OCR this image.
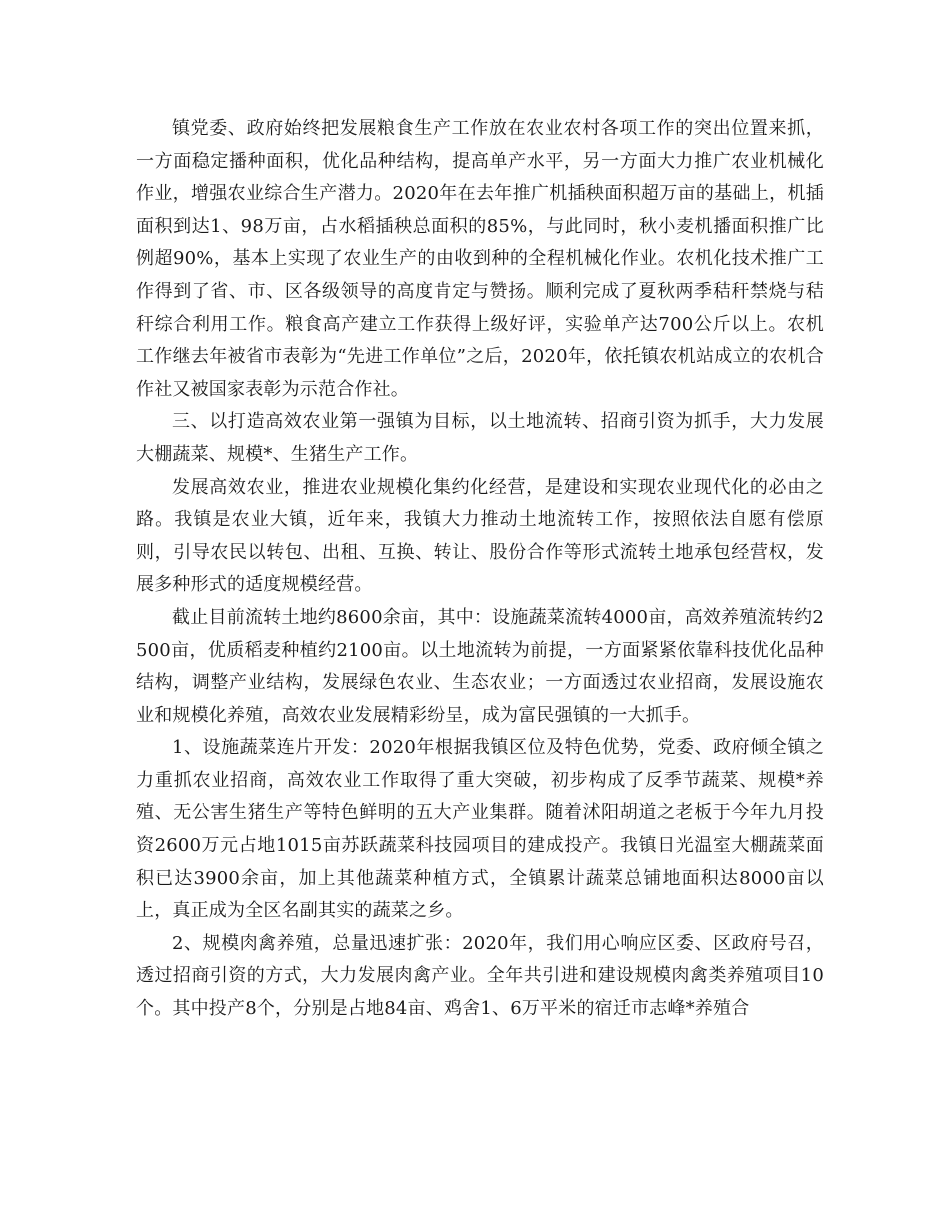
镇党委、政府始终把发展粮食生产工作放在农业农村各项工作的突出位置来抓，一方面稳定播种面积，优化品种结构，提高单产水平，另一方面大力推广农业机械化作业，增强农业综合生产潜力。2020年在去年推广机插秧面积超万亩的基础上，机插面积到达1、98万亩，占水稻插秧总面积的85%，与此同时，秋小麦机播面积推广比例超90%，基本上实现了农业生产的由收到种的全程机械化作业。农机化技术推广工作得到了省、市、区各级领导的高度肯定与赞扬。顺利完成了夏秋两季秸秆禁烧与秸秆综合利用工作。粮食高产建立工作获得上级好评，实验单产达700公斤以上。农机工作继去年被省市表彰为“先进工作单位”之后，2020年，依托镇农机站成立的农机合作社又被国家表彰为示范合作社。

三、以打造高效农业第一强镇为目标，以土地流转、招商引资为抓手，大力发展大棚蔬菜、规模*、生猪生产工作。

发展高效农业，推进农业规模化集约化经营，是建设和实现农业现代化的必由之路。我镇是农业大镇，近年来，我镇大力推动土地流转工作，按照依法自愿有偿原则，引导农民以转包、出租、互换、转让、股份合作等形式流转土地承包经营权，发展多种形式的适度规模经营。

截止目前流转土地约8600余亩，其中：设施蔬菜流转4000亩，高效养殖流转约2500亩，优质稻麦种植约2100亩。以土地流转为前提，一方面紧紧依靠科技优化品种结构，调整产业结构，发展绿色农业、生态农业；一方面透过农业招商，发展设施农业和规模化养殖，高效农业发展精彩纷呈，成为富民强镇的一大抓手。

1、设施蔬菜连片开发：2020年根据我镇区位及特色优势，党委、政府倾全镇之力重抓农业招商，高效农业工作取得了重大突破，初步构成了反季节蔬菜、规模*养殖、无公害生猪生产等特色鲜明的五大产业集群。随着沭阳胡道之老板于今年九月投资2600万元占地1015亩苏跃蔬菜科技园项目的建成投产。我镇日光温室大棚蔬菜面积已达3900余亩，加上其他蔬菜种植方式，全镇累计蔬菜总铺地面积达8000亩以上，真正成为全区名副其实的蔬菜之乡。

2、规模肉禽养殖，总量迅速扩张：2020年，我们用心响应区委、区政府号召，透过招商引资的方式，大力发展肉禽产业。全年共引进和建设规模肉禽类养殖项目10个。其中投产8个，分别是占地84亩、鸡舍1、6万平米的宿迁市志峰*养殖合
